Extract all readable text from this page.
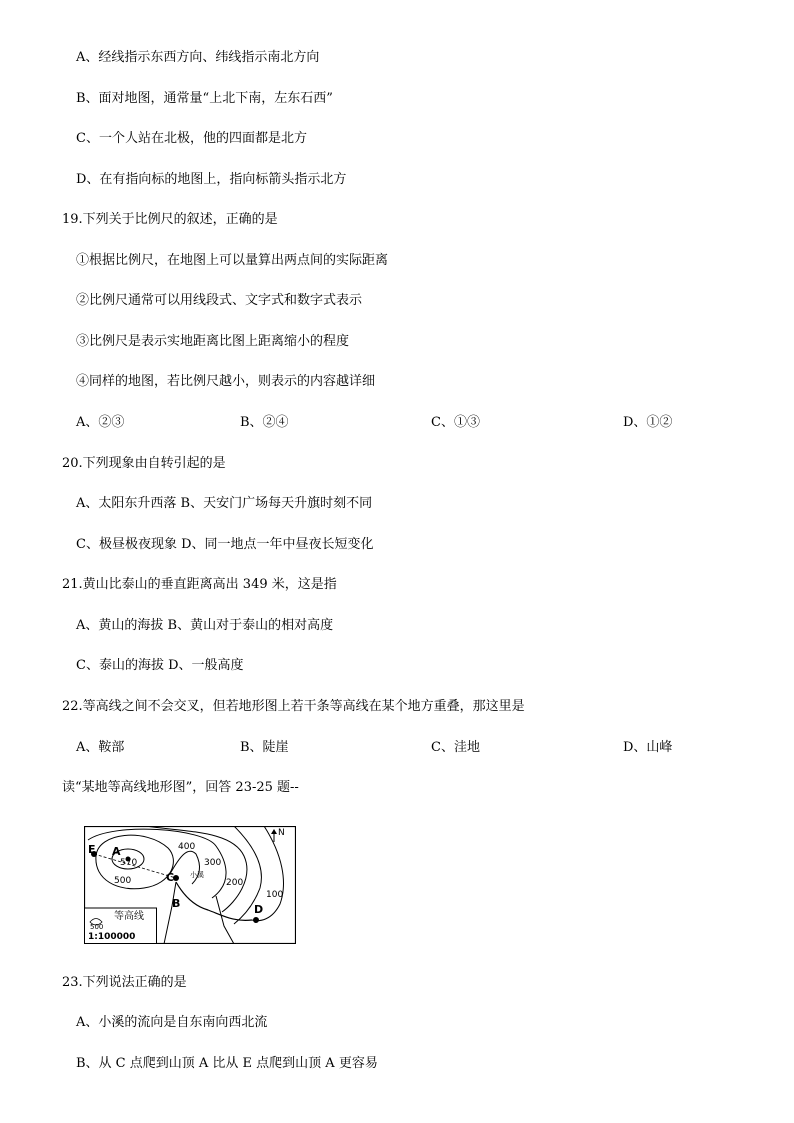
A、经线指示东西方向、纬线指示南北方向
B、面对地图，通常量“上北下南，左东石西”
C、一个人站在北极，他的四面都是北方
D、在有指向标的地图上，指向标箭头指示北方
19.下列关于比例尺的叙述，正确的是
①根据比例尺，在地图上可以量算出两点间的实际距离
②比例尺通常可以用线段式、文字式和数字式表示
③比例尺是表示实地距离比图上距离缩小的程度
④同样的地图，若比例尺越小，则表示的内容越详细
A、②③	B、②④	C、①③	D、①②
20.下列现象由自转引起的是
A、太阳东升西落 B、天安门广场每天升旗时刻不同
C、极昼极夜现象 D、同一地点一年中昼夜长短变化
21.黄山比泰山的垂直距离高出 349 米，这是指
A、黄山的海拔 B、黄山对于泰山的相对高度
C、泰山的海拔 D、一般高度
22.等高线之间不会交叉，但若地形图上若干条等高线在某个地方重叠，那这里是
A、鞍部	B、陡崖	C、洼地	D、山峰
读“某地等高线地形图”，回答 23-25 题--
400
300
200
100
500
570
E A
C
B	D
N
小溪
500
等高线
1:100000
23.下列说法正确的是
A、小溪的流向是自东南向西北流
B、从 C 点爬到山顶 A 比从 E 点爬到山顶 A 更容易
